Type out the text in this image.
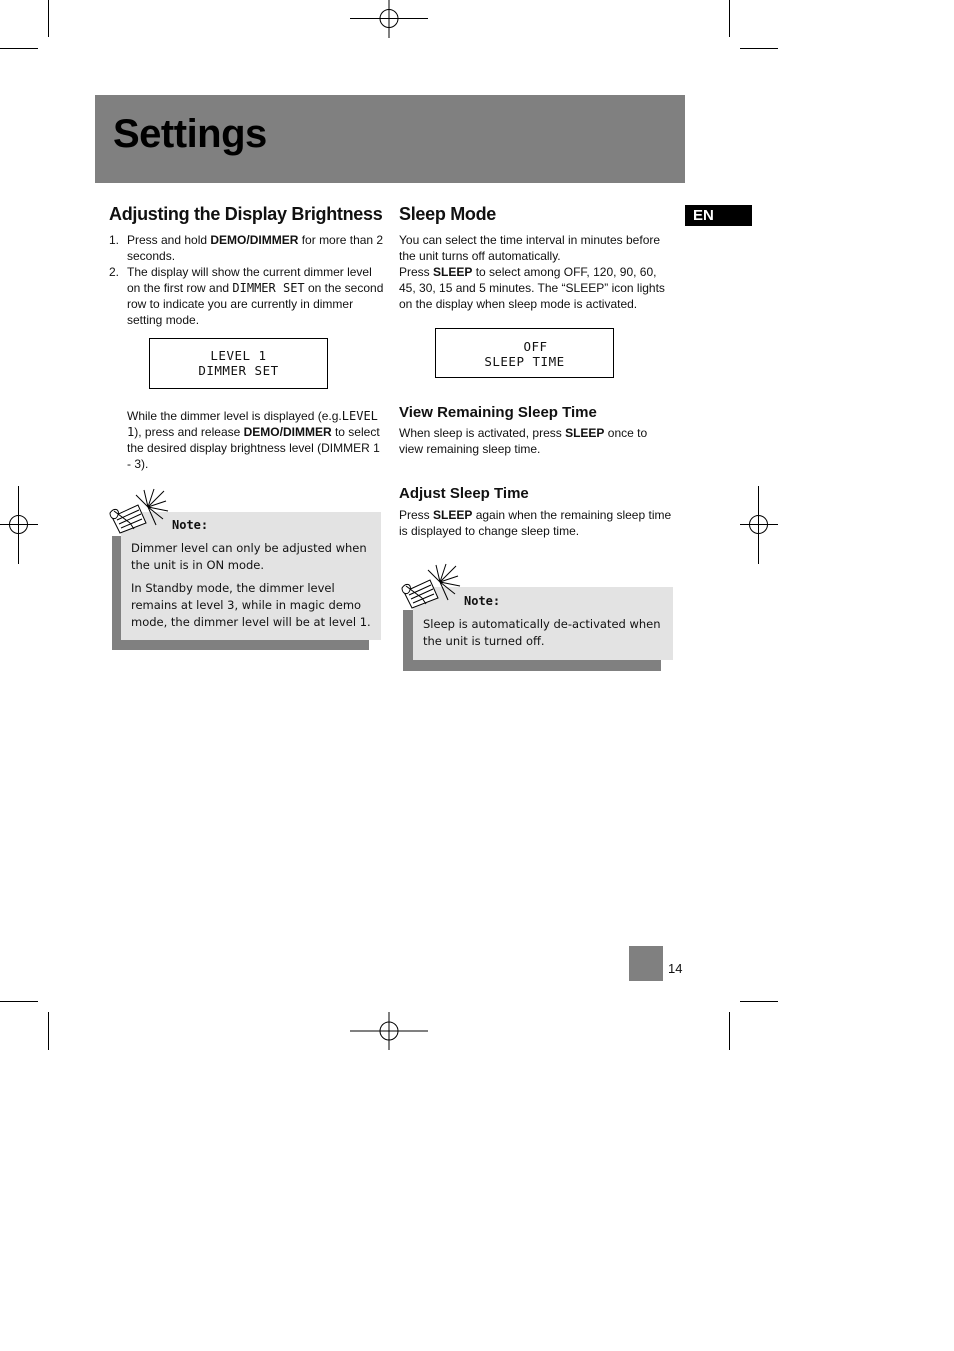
Settings
EN
Adjusting the Display Brightness
1. Press and hold DEMO/DIMMER for more than 2 seconds.
2. The display will show the current dimmer level on the first row and DIMMER SET on the second row to indicate you are currently in dimmer setting mode.
LEVEL 1
DIMMER SET
While the dimmer level is displayed (e.g.LEVEL 1), press and release DEMO/DIMMER to select the desired display brightness level (DIMMER 1 - 3).
Note:

Dimmer level can only be adjusted when the unit is in ON mode.

In Standby mode, the dimmer level remains at level 3, while in magic demo mode, the dimmer level will be at level 1.

Sleep Mode

You can select the time interval in minutes before the unit turns off automatically.

Press SLEEP to select among OFF, 120, 90, 60, 45, 30, 15 and 5 minutes. The “SLEEP” icon lights on the display when sleep mode is activated.

OFF
SLEEP TIME
View Remaining Sleep Time
When sleep is activated, press SLEEP once to view remaining sleep time.
Adjust Sleep Time
Press SLEEP again when the remaining sleep time is displayed to change sleep time.
Note:

Sleep is automatically de-activated when the unit is turned off.

14
